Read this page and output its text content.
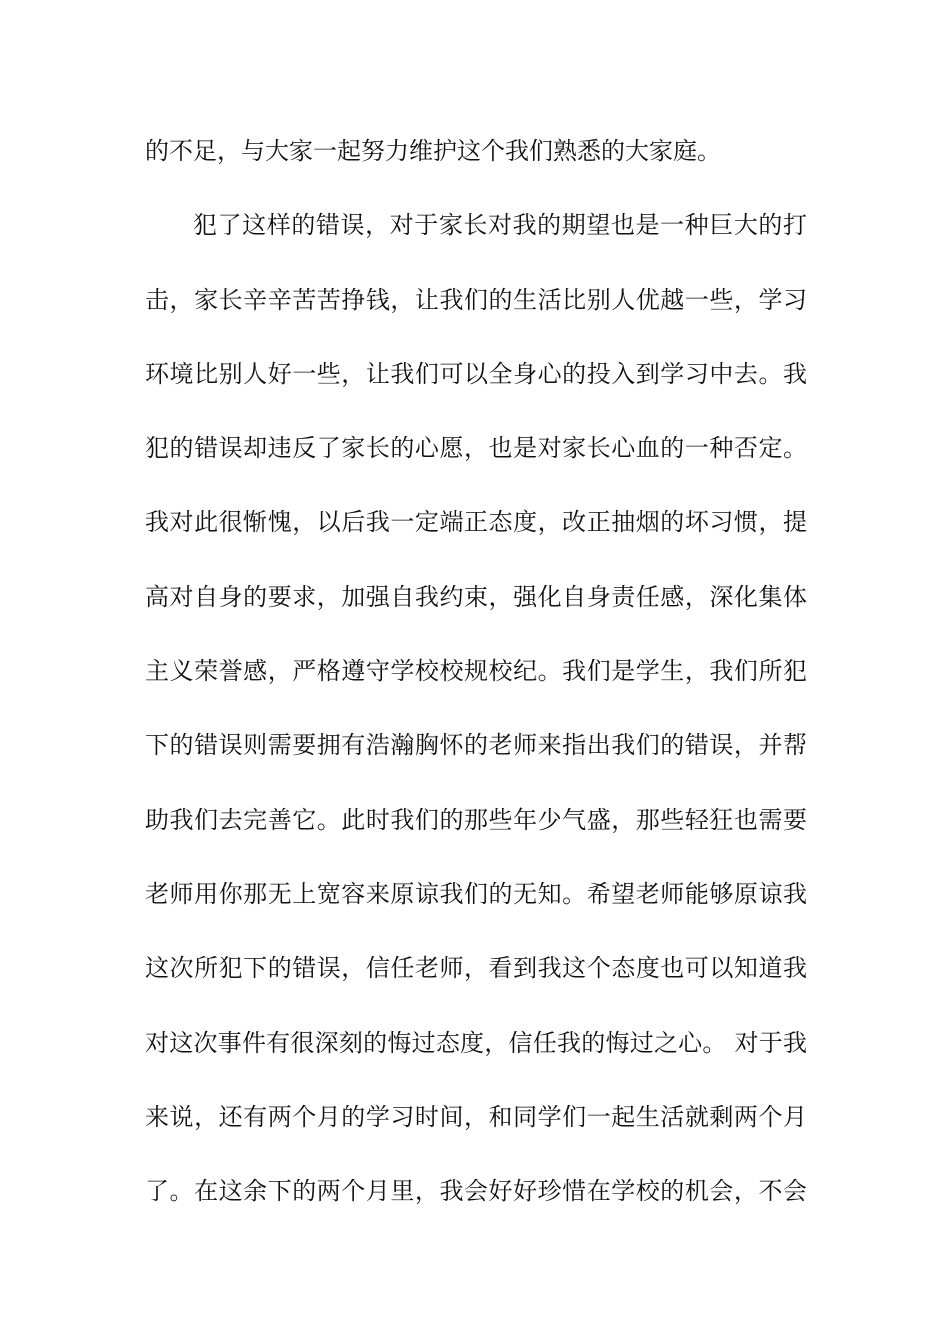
的不足，与大家一起努力维护这个我们熟悉的大家庭。
犯了这样的错误，对于家长对我的期望也是一种巨大的打
击，家长辛辛苦苦挣钱，让我们的生活比别人优越一些，学习
环境比别人好一些，让我们可以全身心的投入到学习中去。我
犯的错误却违反了家长的心愿，也是对家长心血的一种否定。
我对此很惭愧，以后我一定端正态度，改正抽烟的坏习惯，提
高对自身的要求，加强自我约束，强化自身责任感，深化集体
主义荣誉感，严格遵守学校校规校纪。我们是学生，我们所犯
下的错误则需要拥有浩瀚胸怀的老师来指出我们的错误，并帮
助我们去完善它。此时我们的那些年少气盛，那些轻狂也需要
老师用你那无上宽容来原谅我们的无知。希望老师能够原谅我
这次所犯下的错误，信任老师，看到我这个态度也可以知道我
对这次事件有很深刻的悔过态度，信任我的悔过之心。 对于我
来说，还有两个月的学习时间，和同学们一起生活就剩两个月
了。在这余下的两个月里，我会好好珍惜在学校的机会，不会
